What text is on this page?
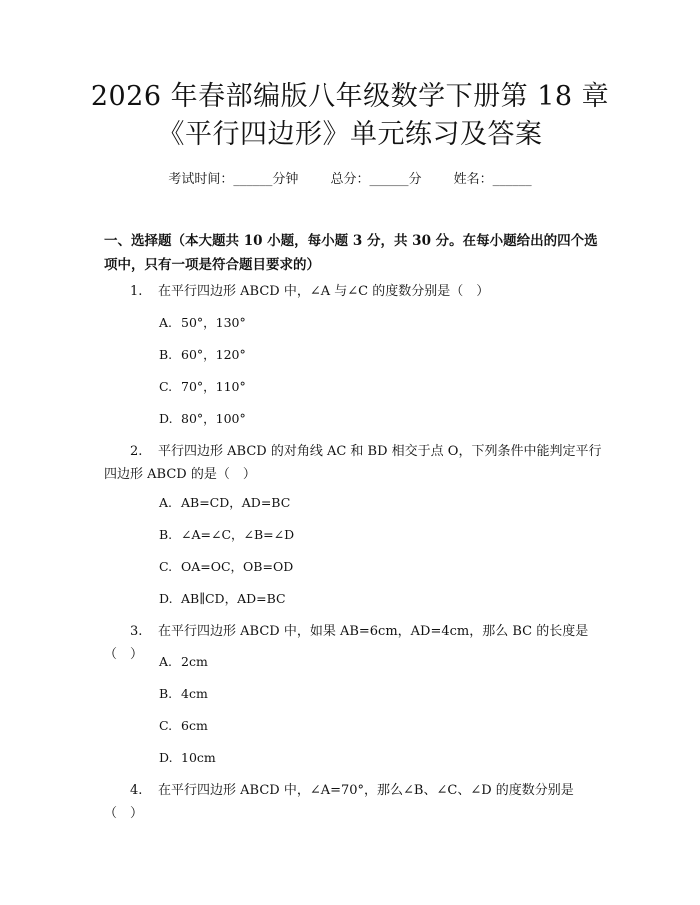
2026 年春部编版八年级数学下册第 18 章
《平行四边形》单元练习及答案
考试时间：______分钟 总分：______分 姓名：______
一、选择题（本大题共 10 小题，每小题 3 分，共 30 分。在每小题给出的四个选项中，只有一项是符合题目要求的）
1. 在平行四边形 ABCD 中，∠A 与∠C 的度数分别是（　）
A. 50°，130°
B. 60°，120°
C. 70°，110°
D. 80°，100°
2. 平行四边形 ABCD 的对角线 AC 和 BD 相交于点 O，下列条件中能判定平行四边形 ABCD 的是（　）
A. AB=CD，AD=BC
B. ∠A=∠C，∠B=∠D
C. OA=OC，OB=OD
D. AB∥CD，AD=BC
3. 在平行四边形 ABCD 中，如果 AB=6cm，AD=4cm，那么 BC 的长度是（　）	A. 2cm
B. 4cm
C. 6cm
D. 10cm
4. 在平行四边形 ABCD 中，∠A=70°，那么∠B、∠C、∠D 的度数分别是（　）
